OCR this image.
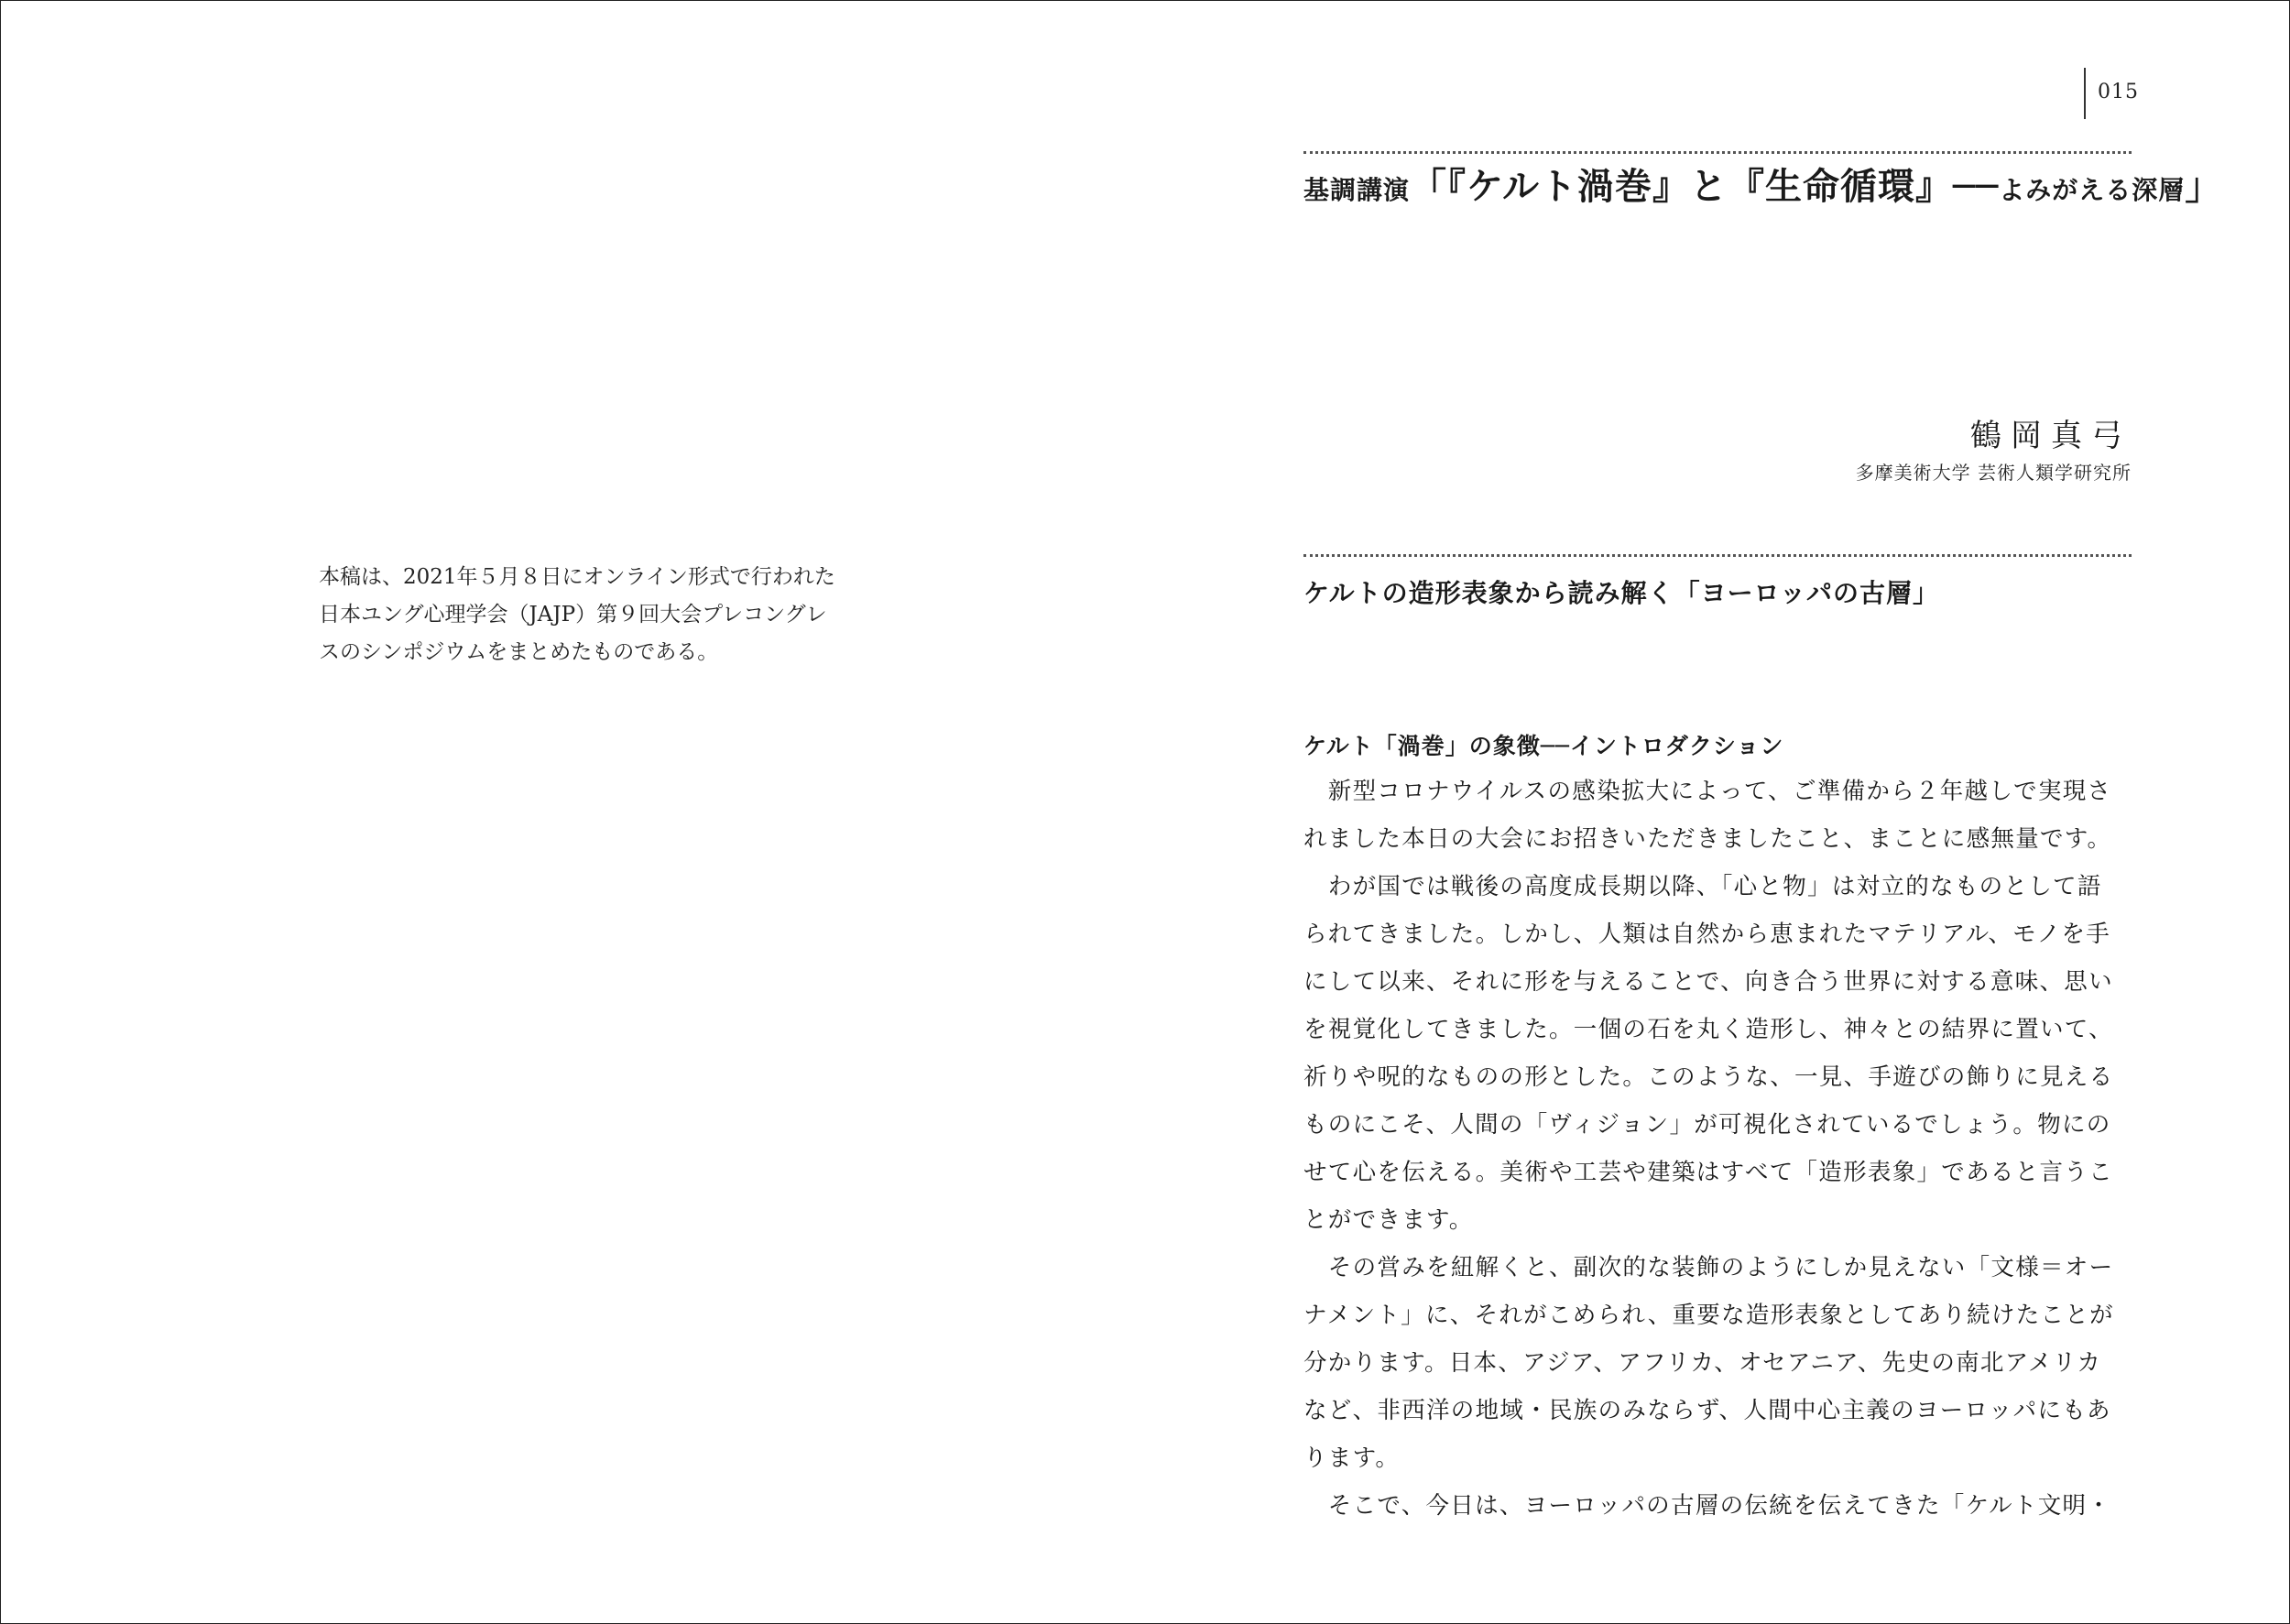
本稿は、2021年５月８日にオンライン形式で行われた
日本ユング心理学会（JAJP）第９回大会プレコングレ
スのシンポジウムをまとめたものである。
015
基調講演「『ケルト渦巻』と『生命循環』──よみがえる深層」
鶴岡真弓
多摩美術大学 芸術人類学研究所
ケルトの造形表象から読み解く「ヨーロッパの古層」
ケルト「渦巻」の象徴──イントロダクション
　新型コロナウイルスの感染拡大によって、ご準備から２年越しで実現さ
れました本日の大会にお招きいただきましたこと、まことに感無量です。
　わが国では戦後の高度成長期以降、「心と物」は対立的なものとして語
られてきました。しかし、人類は自然から恵まれたマテリアル、モノを手
にして以来、それに形を与えることで、向き合う世界に対する意味、思い
を視覚化してきました。一個の石を丸く造形し、神々との結界に置いて、
祈りや呪的なものの形とした。このような、一見、手遊びの飾りに見える
ものにこそ、人間の「ヴィジョン」が可視化されているでしょう。物にの
せて心を伝える。美術や工芸や建築はすべて「造形表象」であると言うこ
とができます。
　その営みを紐解くと、副次的な装飾のようにしか見えない「文様＝オー
ナメント」に、それがこめられ、重要な造形表象としてあり続けたことが
分かります。日本、アジア、アフリカ、オセアニア、先史の南北アメリカ
など、非西洋の地域・民族のみならず、人間中心主義のヨーロッパにもあ
ります。
　そこで、今日は、ヨーロッパの古層の伝統を伝えてきた「ケルト文明・
